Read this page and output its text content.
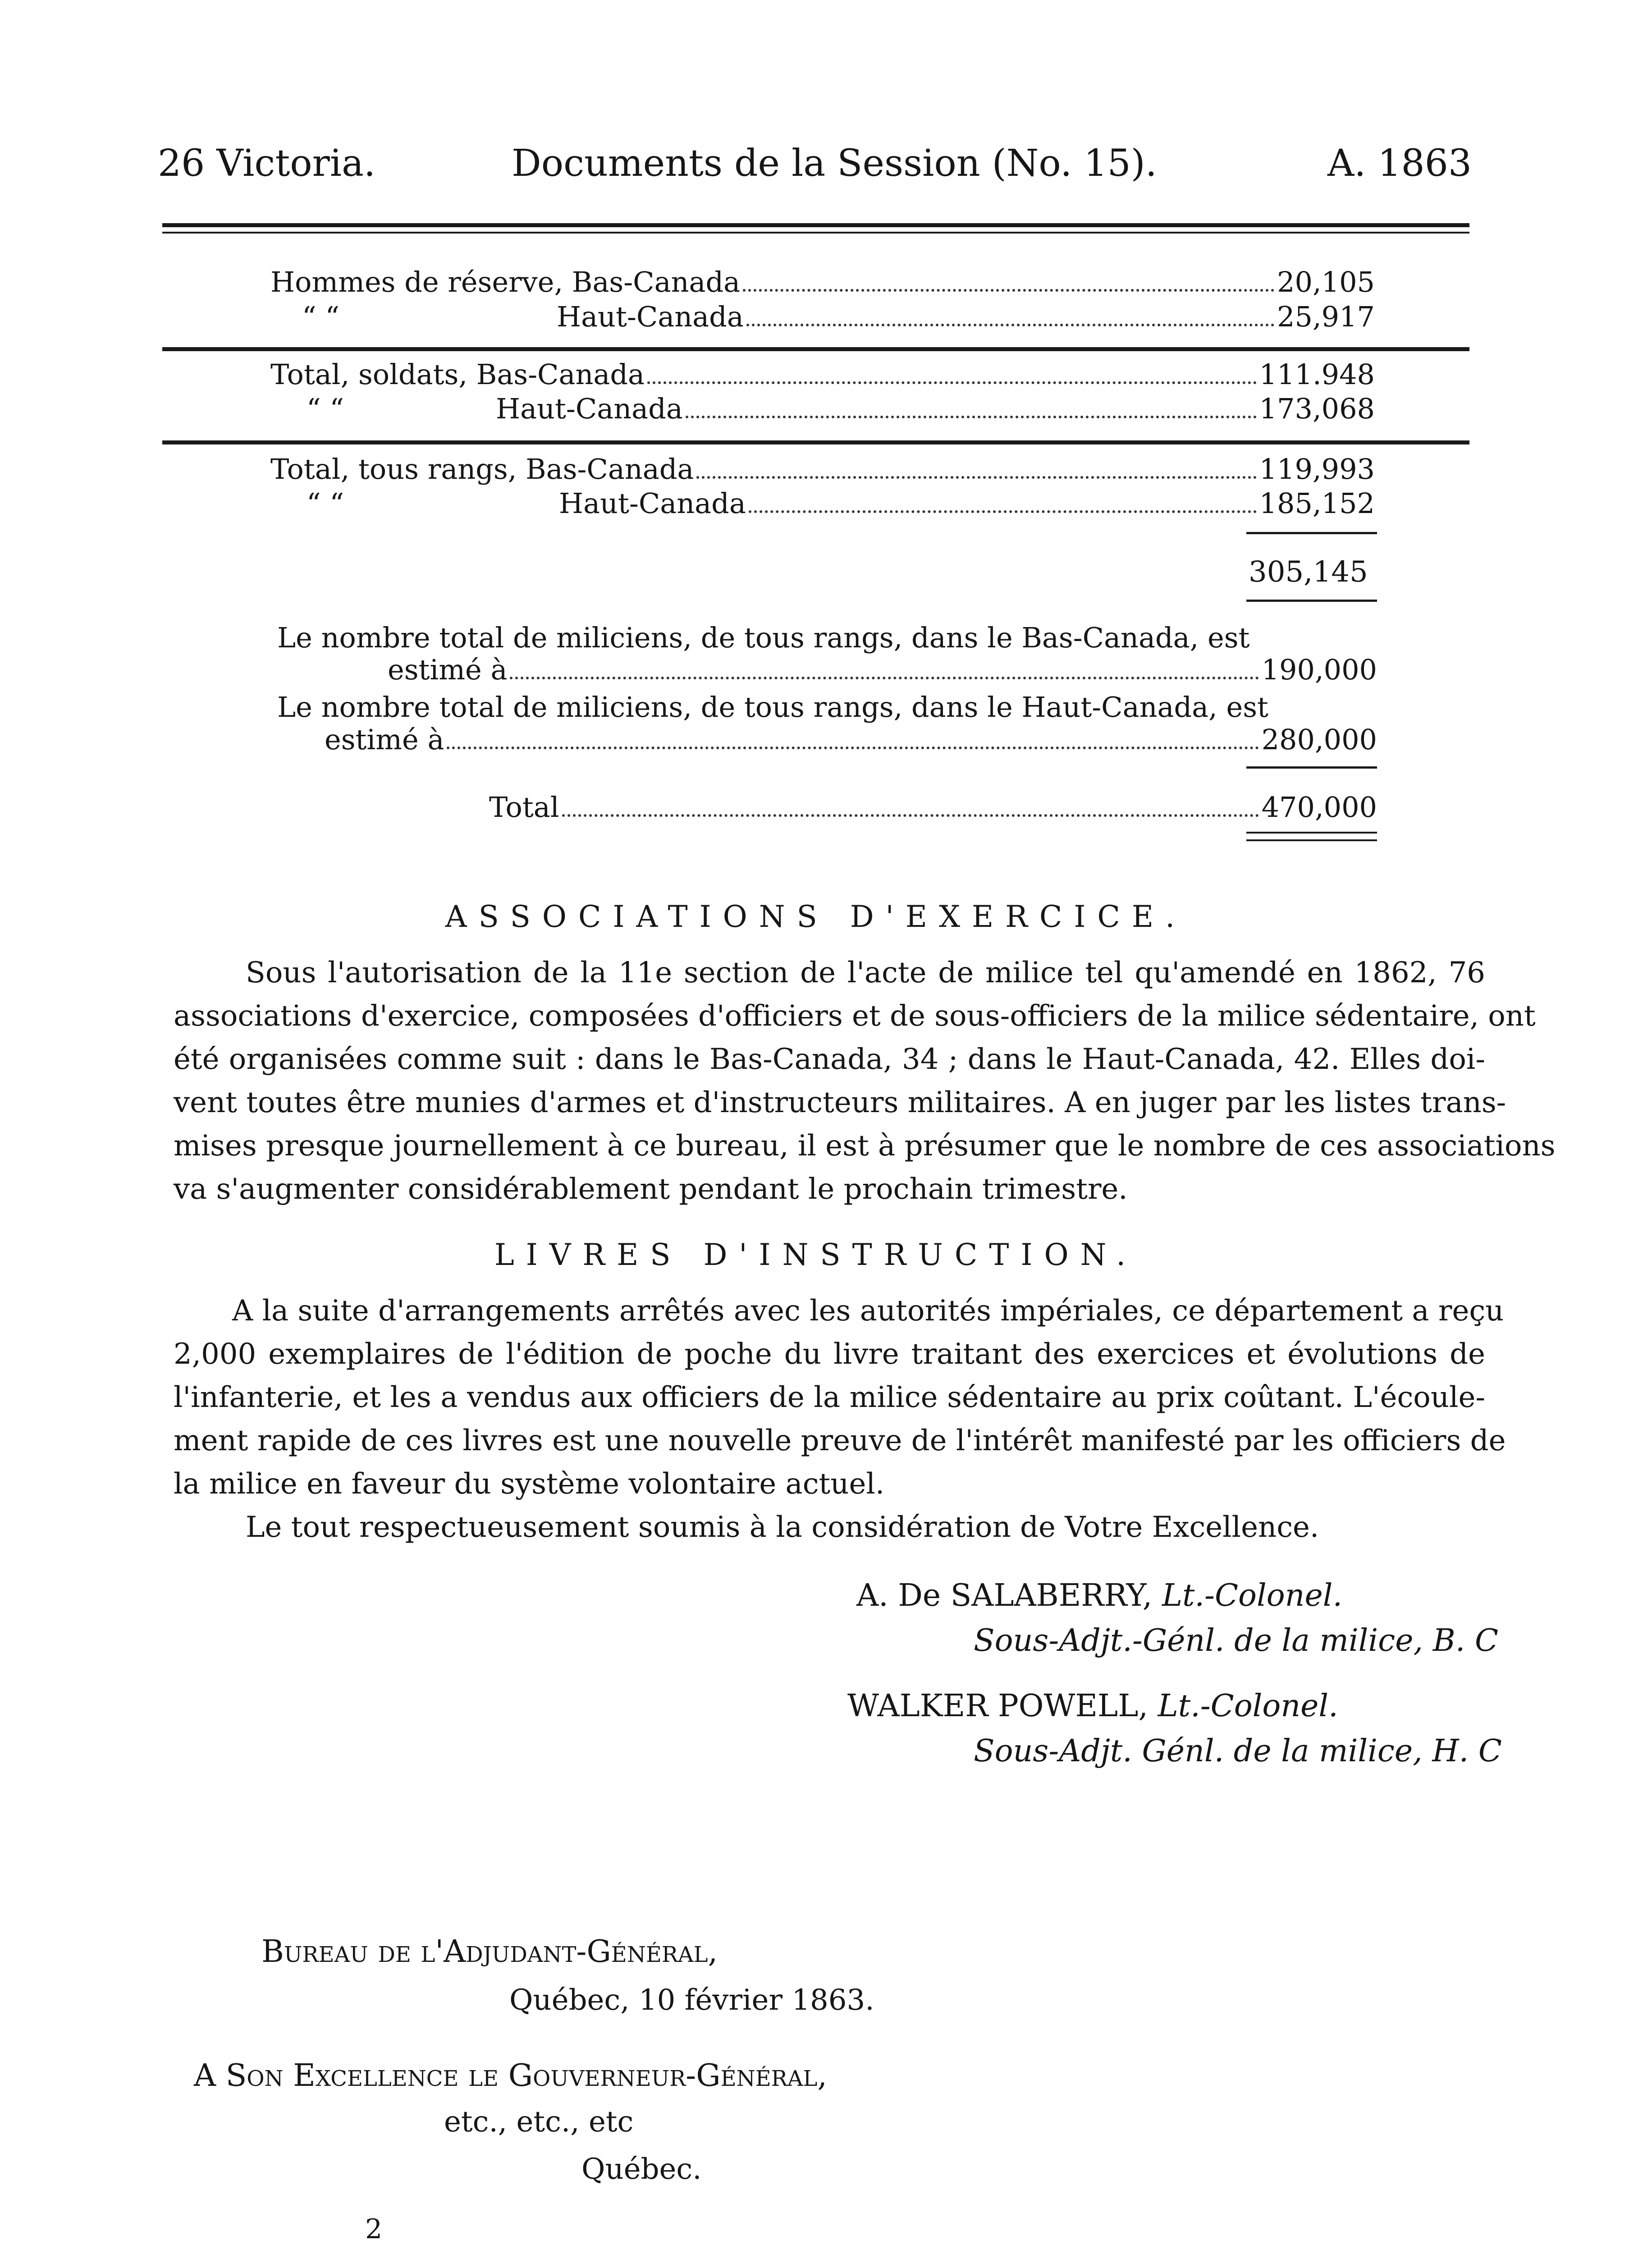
26 Victoria.	Documents de la Session (No. 15).	A. 1863
Hommes de réserve, Bas-Canada	20,105
“ “	Haut-Canada	25,917
Total, soldats, Bas-Canada	111.948
“ “	Haut-Canada	173,068
Total, tous rangs, Bas-Canada	119,993
“ “	Haut-Canada	185,152
305,145
Le nombre total de miliciens, de tous rangs, dans le Bas-Canada, est
estimé à	190,000
Le nombre total de miliciens, de tous rangs, dans le Haut-Canada, est
estimé à	280,000
Total	470,000
ASSOCIATIONS D'EXERCICE.
Sous l'autorisation de la 11e section de l'acte de milice tel qu'amendé en 1862, 76
associations d'exercice, composées d'officiers et de sous-officiers de la milice sédentaire, ont
été organisées comme suit : dans le Bas-Canada, 34 ; dans le Haut-Canada, 42. Elles doi-
vent toutes être munies d'armes et d'instructeurs militaires. A en juger par les listes trans-
mises presque journellement à ce bureau, il est à présumer que le nombre de ces associations
va s'augmenter considérablement pendant le prochain trimestre.
LIVRES D'INSTRUCTION.
A la suite d'arrangements arrêtés avec les autorités impériales, ce département a reçu
2,000 exemplaires de l'édition de poche du livre traitant des exercices et évolutions de
l'infanterie, et les a vendus aux officiers de la milice sédentaire au prix coûtant. L'écoule-
ment rapide de ces livres est une nouvelle preuve de l'intérêt manifesté par les officiers de
la milice en faveur du système volontaire actuel.
Le tout respectueusement soumis à la considération de Votre Excellence.
A. De SALABERRY, Lt.-Colonel.
Sous-Adjt.-Génl. de la milice, B. C
WALKER POWELL, Lt.-Colonel.
Sous-Adjt. Génl. de la milice, H. C
Bureau de l'Adjudant-Général,
Québec, 10 février 1863.
A Son Excellence le Gouverneur-Général,
etc., etc., etc
Québec.
2
